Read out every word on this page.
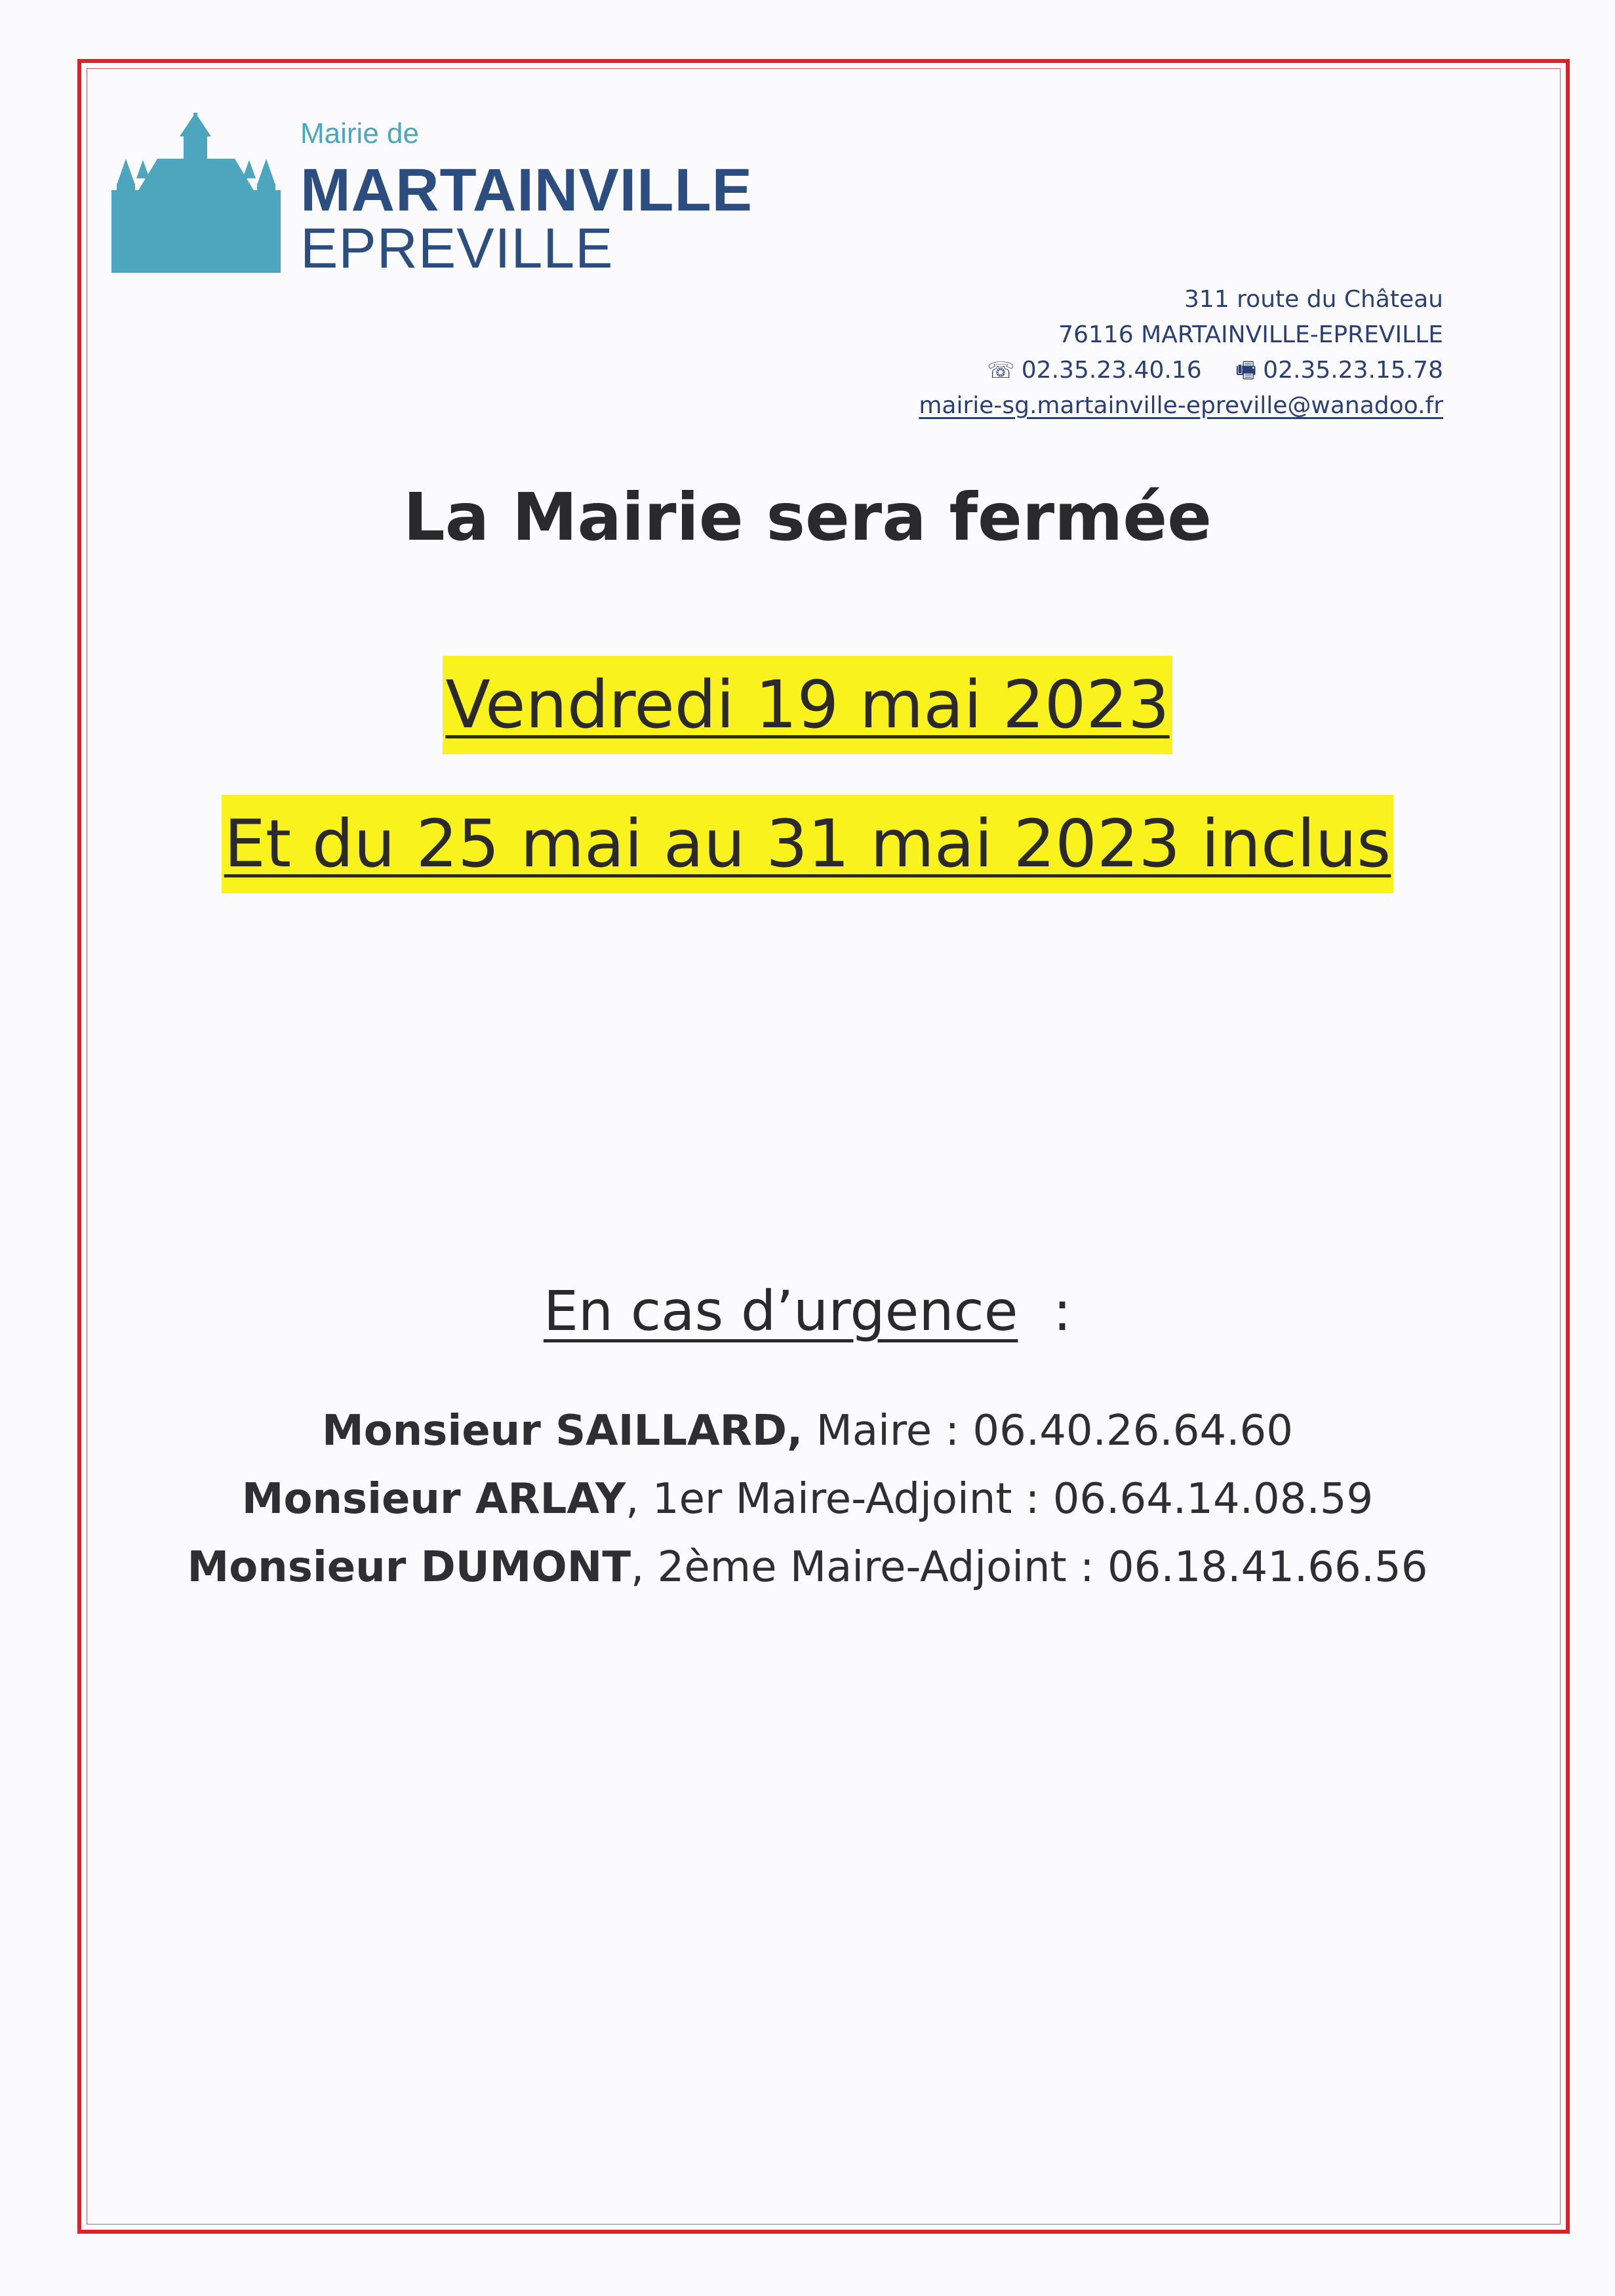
Mairie de
MARTAINVILLE
EPREVILLE
311 route du Château
76116 MARTAINVILLE-EPREVILLE
☏ 02.35.23.40.16 🖷 02.35.23.15.78
mairie-sg.martainville-epreville@wanadoo.fr
La Mairie sera fermée
Vendredi 19 mai 2023
Et du 25 mai au 31 mai 2023 inclus
En cas d’urgence :
Monsieur SAILLARD, Maire : 06.40.26.64.60
Monsieur ARLAY, 1er Maire-Adjoint : 06.64.14.08.59
Monsieur DUMONT, 2ème Maire-Adjoint : 06.18.41.66.56
